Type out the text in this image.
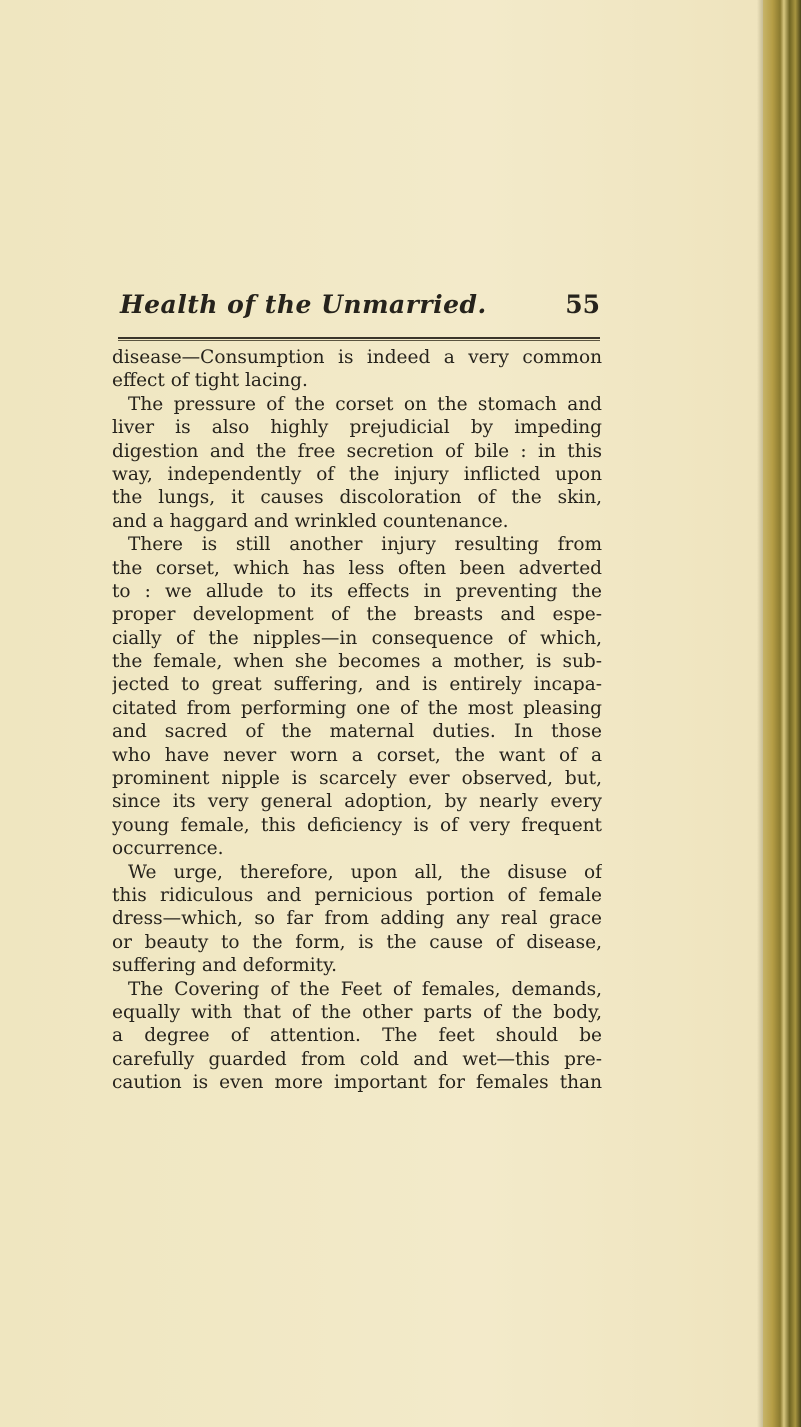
Health of the Unmarried.	55
disease—Consumption is indeed a very common
effect of tight lacing.
The pressure of the corset on the stomach and
liver is also highly prejudicial by impeding
digestion and the free secretion of bile : in this
way, independently of the injury inflicted upon
the lungs, it causes discoloration of the skin,
and a haggard and wrinkled countenance.
There is still another injury resulting from
the corset, which has less often been adverted
to : we allude to its effects in preventing the
proper development of the breasts and espe-
cially of the nipples—in consequence of which,
the female, when she becomes a mother, is sub-
jected to great suffering, and is entirely incapa-
citated from performing one of the most pleasing
and sacred of the maternal duties. In those
who have never worn a corset, the want of a
prominent nipple is scarcely ever observed, but,
since its very general adoption, by nearly every
young female, this deficiency is of very frequent
occurrence.
We urge, therefore, upon all, the disuse of
this ridiculous and pernicious portion of female
dress—which, so far from adding any real grace
or beauty to the form, is the cause of disease,
suffering and deformity.
The Covering of the Feet of females, demands,
equally with that of the other parts of the body,
a degree of attention. The feet should be
carefully guarded from cold and wet—this pre-
caution is even more important for females than
